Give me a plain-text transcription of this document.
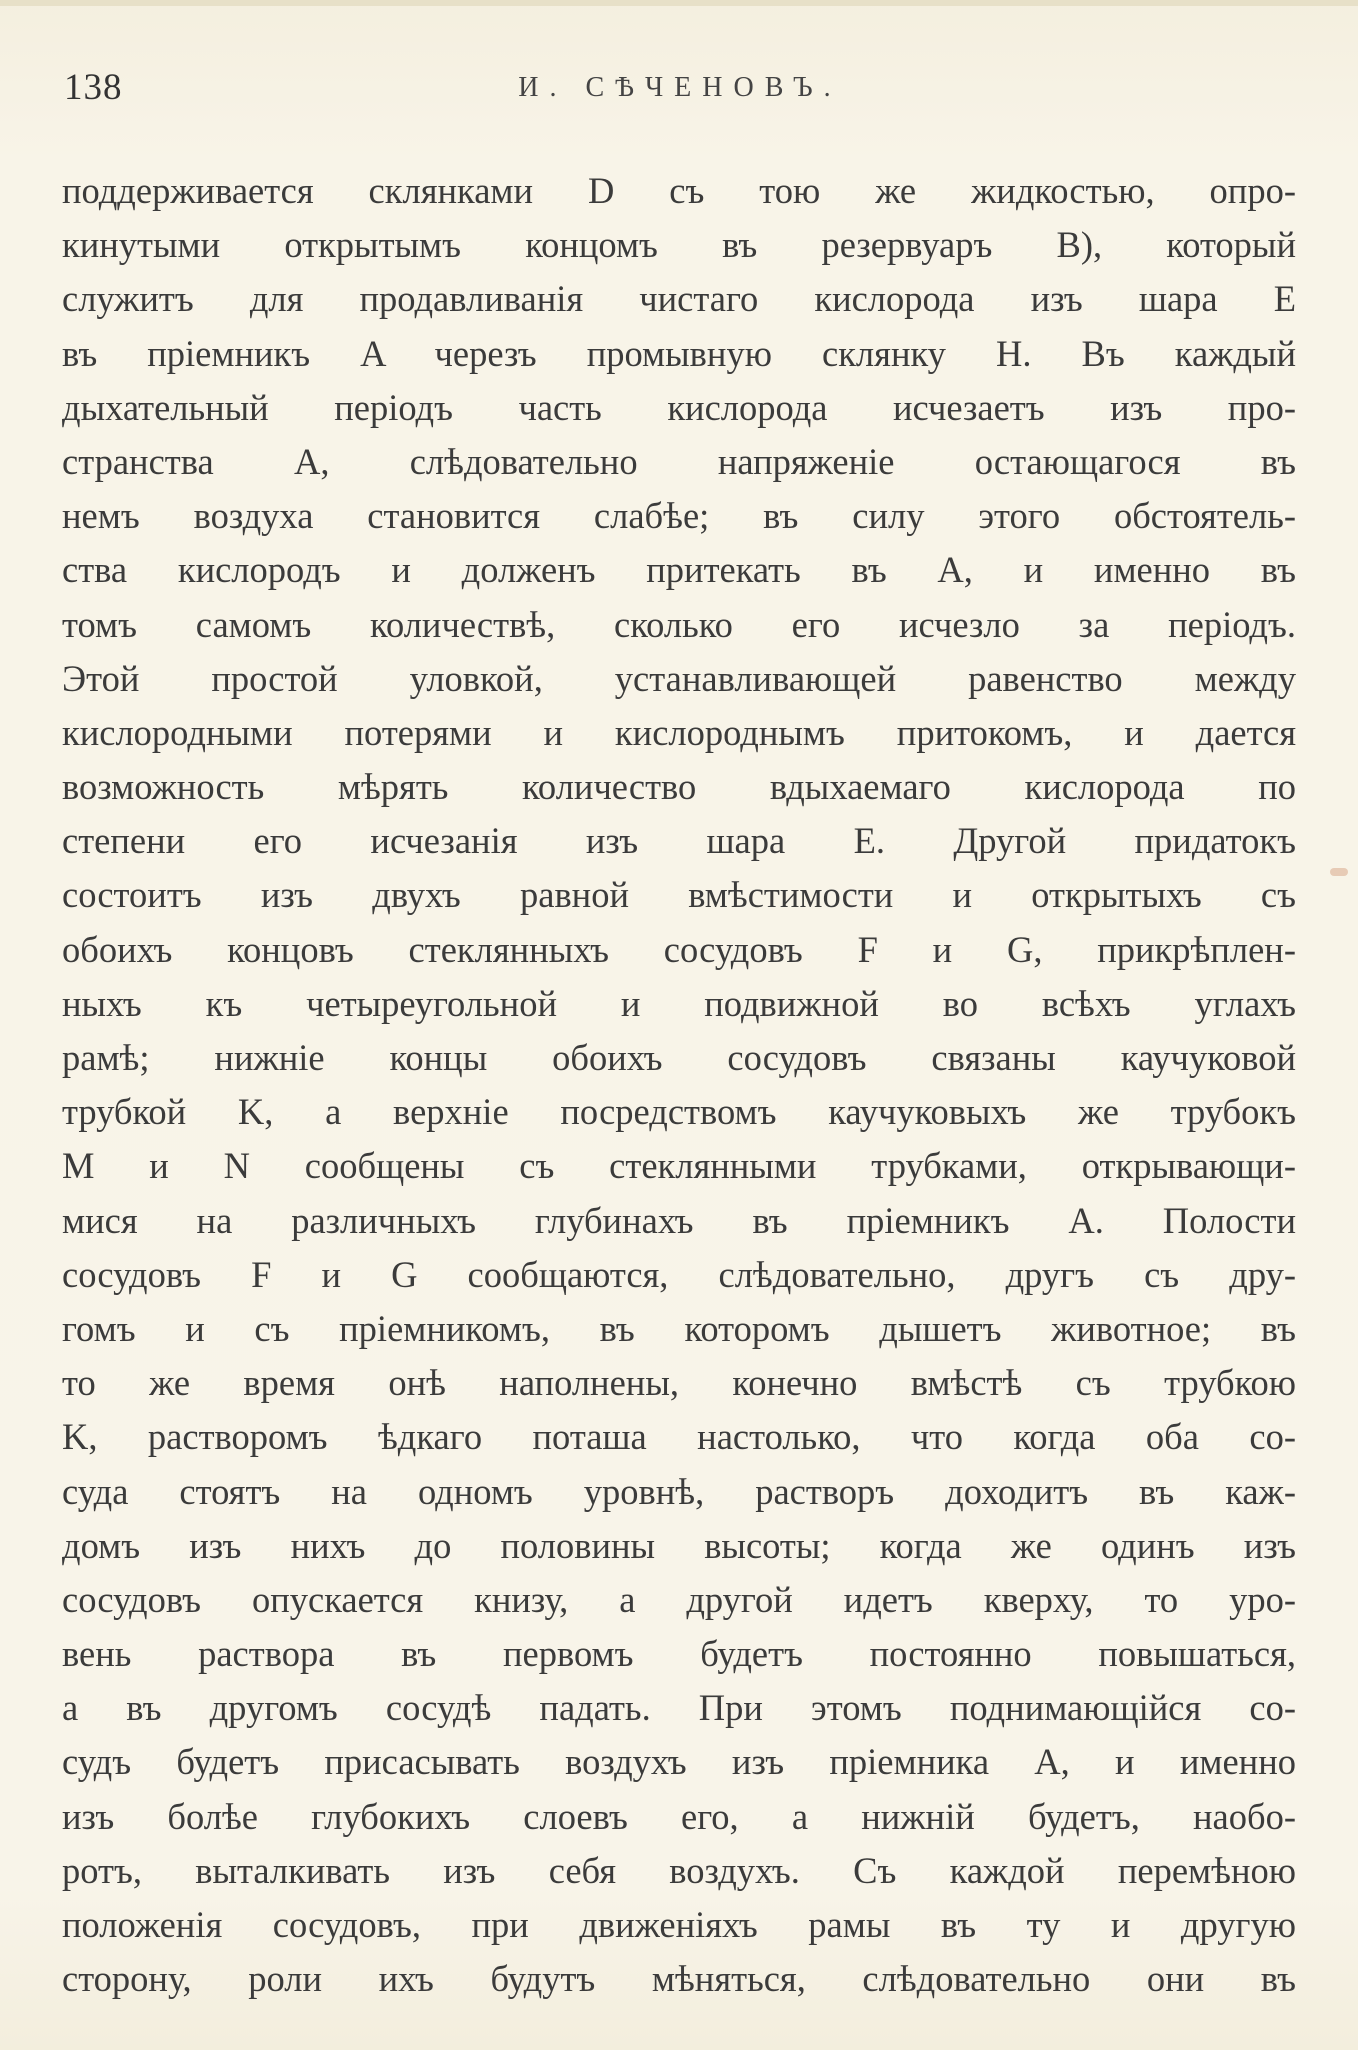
138	И. СѢЧЕНОВЪ.
поддерживается склянками D съ тою же жидкостью, опро-
кинутыми открытымъ концомъ въ резервуаръ B), который
служитъ для продавливанія чистаго кислорода изъ шара E
въ пріемникъ A черезъ промывную склянку H. Въ каждый
дыхательный періодъ часть кислорода исчезаетъ изъ про-
странства A, слѣдовательно напряженіе остающагося въ
немъ воздуха становится слабѣе; въ силу этого обстоятель-
ства кислородъ и долженъ притекать въ A, и именно въ
томъ самомъ количествѣ, сколько его исчезло за періодъ.
Этой простой уловкой, устанавливающей равенство между
кислородными потерями и кислороднымъ притокомъ, и дается
возможность мѣрять количество вдыхаемаго кислорода по
степени его исчезанія изъ шара E. Другой придатокъ
состоитъ изъ двухъ равной вмѣстимости и открытыхъ съ
обоихъ концовъ стеклянныхъ сосудовъ F и G, прикрѣплен-
ныхъ къ четыреугольной и подвижной во всѣхъ углахъ
рамѣ; нижніе концы обоихъ сосудовъ связаны каучуковой
трубкой K, а верхніе посредствомъ каучуковыхъ же трубокъ
M и N сообщены съ стеклянными трубками, открывающи-
мися на различныхъ глубинахъ въ пріемникъ A. Полости
сосудовъ F и G сообщаются, слѣдовательно, другъ съ дру-
гомъ и съ пріемникомъ, въ которомъ дышетъ животное; въ
то же время онѣ наполнены, конечно вмѣстѣ съ трубкою
K, растворомъ ѣдкаго поташа настолько, что когда оба со-
суда стоятъ на одномъ уровнѣ, растворъ доходитъ въ каж-
домъ изъ нихъ до половины высоты; когда же одинъ изъ
сосудовъ опускается книзу, а другой идетъ кверху, то уро-
вень раствора въ первомъ будетъ постоянно повышаться,
а въ другомъ сосудѣ падать. При этомъ поднимающійся со-
судъ будетъ присасывать воздухъ изъ пріемника A, и именно
изъ болѣе глубокихъ слоевъ его, а нижній будетъ, наобо-
ротъ, выталкивать изъ себя воздухъ. Съ каждой перемѣною
положенія сосудовъ, при движеніяхъ рамы въ ту и другую
сторону, роли ихъ будутъ мѣняться, слѣдовательно они въ
